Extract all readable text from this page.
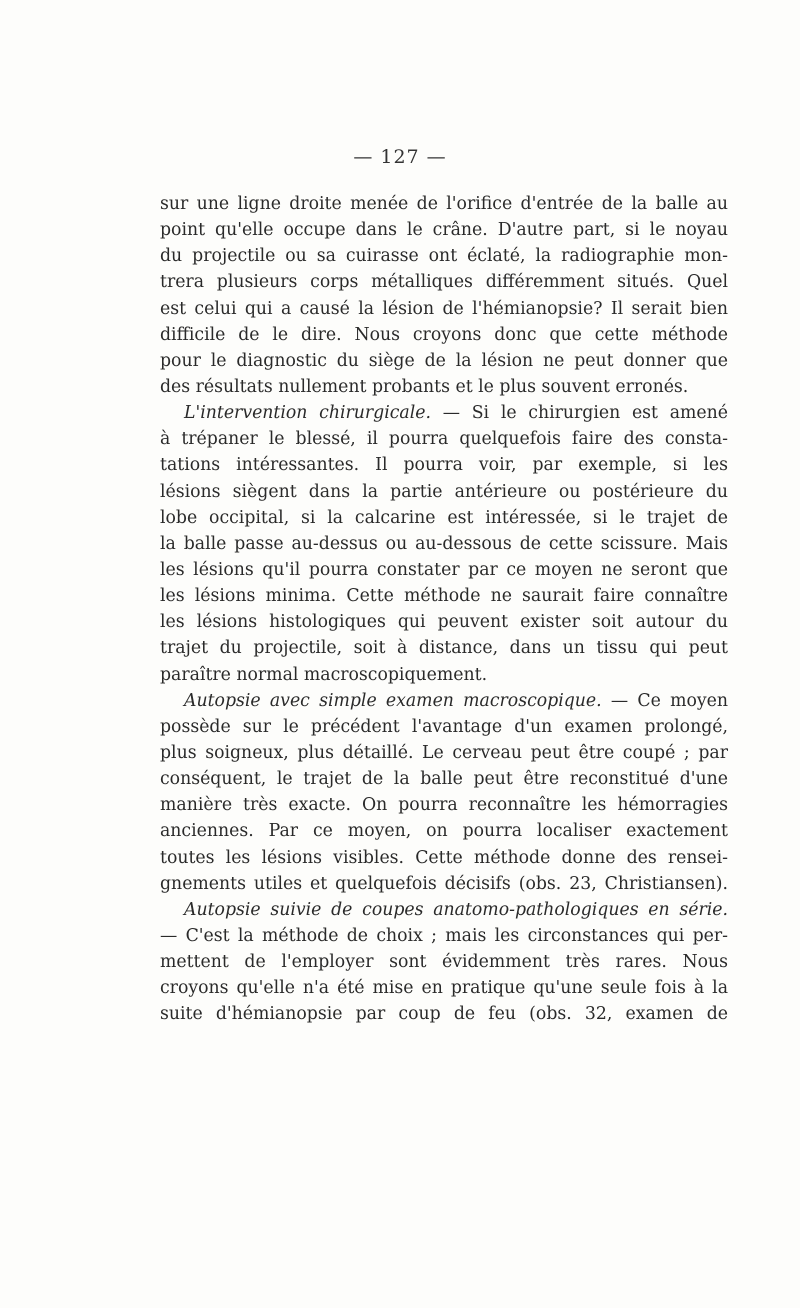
— 127 —
sur une ligne droite menée de l'orifice d'entrée de la balle au
point qu'elle occupe dans le crâne. D'autre part, si le noyau
du projectile ou sa cuirasse ont éclaté, la radiographie mon-
trera plusieurs corps métalliques différemment situés. Quel
est celui qui a causé la lésion de l'hémianopsie? Il serait bien
difficile de le dire. Nous croyons donc que cette méthode
pour le diagnostic du siège de la lésion ne peut donner que
des résultats nullement probants et le plus souvent erronés.
L'intervention chirurgicale. — Si le chirurgien est amené
à trépaner le blessé, il pourra quelquefois faire des consta-
tations intéressantes. Il pourra voir, par exemple, si les
lésions siègent dans la partie antérieure ou postérieure du
lobe occipital, si la calcarine est intéressée, si le trajet de
la balle passe au-dessus ou au-dessous de cette scissure. Mais
les lésions qu'il pourra constater par ce moyen ne seront que
les lésions minima. Cette méthode ne saurait faire connaître
les lésions histologiques qui peuvent exister soit autour du
trajet du projectile, soit à distance, dans un tissu qui peut
paraître normal macroscopiquement.
Autopsie avec simple examen macroscopique. — Ce moyen
possède sur le précédent l'avantage d'un examen prolongé,
plus soigneux, plus détaillé. Le cerveau peut être coupé ; par
conséquent, le trajet de la balle peut être reconstitué d'une
manière très exacte. On pourra reconnaître les hémorragies
anciennes. Par ce moyen, on pourra localiser exactement
toutes les lésions visibles. Cette méthode donne des rensei-
gnements utiles et quelquefois décisifs (obs. 23, Christiansen).
Autopsie suivie de coupes anatomo-pathologiques en série.
— C'est la méthode de choix ; mais les circonstances qui per-
mettent de l'employer sont évidemment très rares. Nous
croyons qu'elle n'a été mise en pratique qu'une seule fois à la
suite d'hémianopsie par coup de feu (obs. 32, examen de
